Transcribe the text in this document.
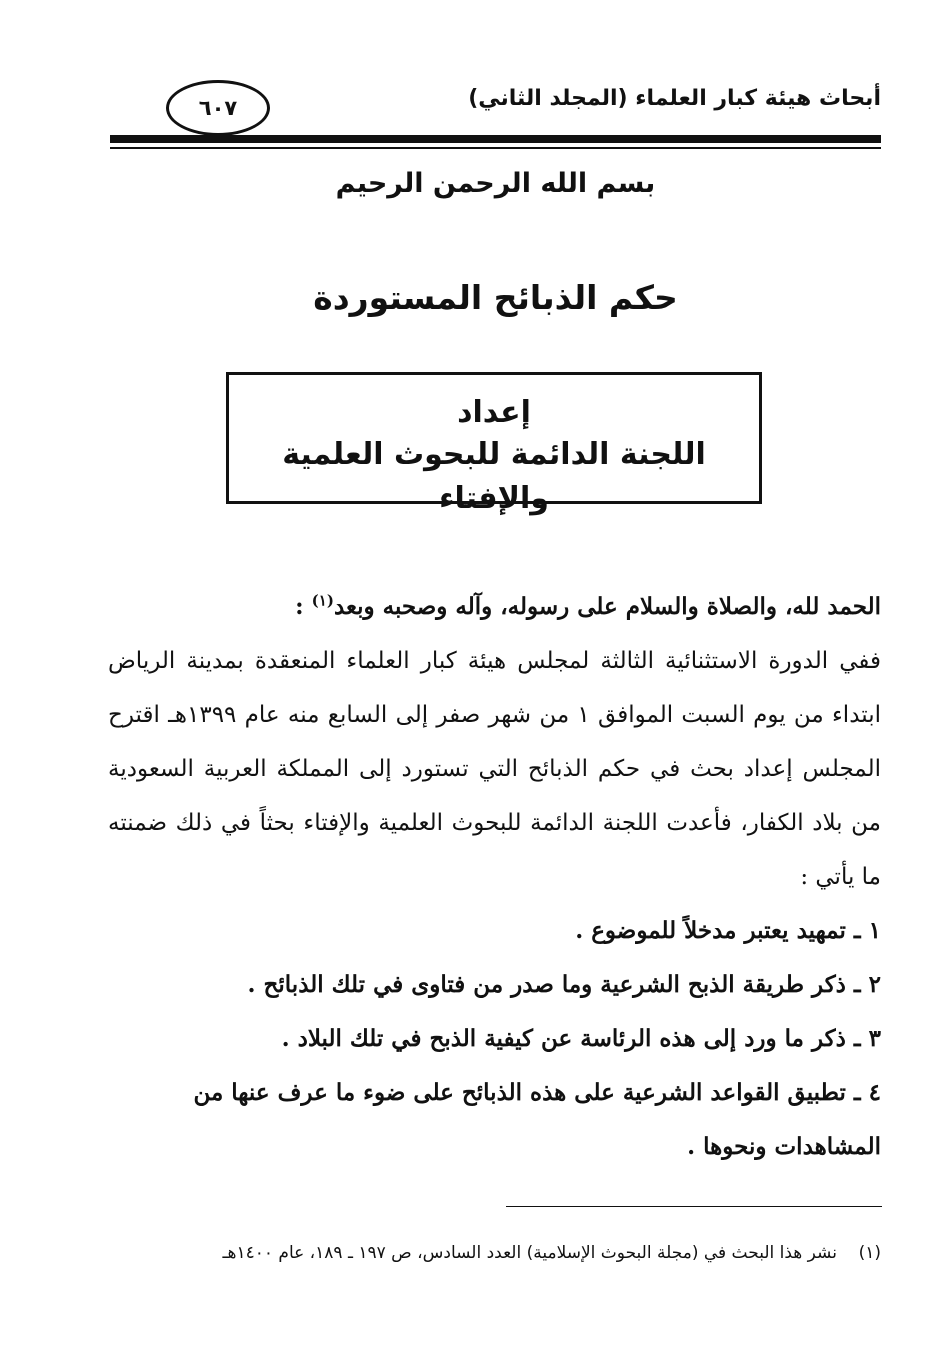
أبحاث هيئة كبار العلماء (المجلد الثاني)
٦٠٧
بسم الله الرحمن الرحيم
حكم الذبائح المستوردة
إعداد
اللجنة الدائمة للبحوث العلمية والإفتاء
الحمد لله، والصلاة والسلام على رسوله، وآله وصحبه وبعد$^{(١)}$ :
ففي الدورة الاستثنائية الثالثة لمجلس هيئة كبار العلماء المنعقدة بمدينة الرياض ابتداء من يوم السبت الموافق ١ من شهر صفر إلى السابع منه عام ١٣٩٩هـ اقترح المجلس إعداد بحث في حكم الذبائح التي تستورد إلى المملكة العربية السعودية من بلاد الكفار، فأعدت اللجنة الدائمة للبحوث العلمية والإفتاء بحثاً في ذلك ضمنته ما يأتي :
١ ـ تمهيد يعتبر مدخلاً للموضوع .
٢ ـ ذكر طريقة الذبح الشرعية وما صدر من فتاوى في تلك الذبائح .
٣ ـ ذكر ما ورد إلى هذه الرئاسة عن كيفية الذبح في تلك البلاد .
٤ ـ تطبيق القواعد الشرعية على هذه الذبائح على ضوء ما عرف عنها من المشاهدات ونحوها .
(١)    نشر هذا البحث في (مجلة البحوث الإسلامية) العدد السادس، ص ١٩٧ ـ ١٨٩، عام ١٤٠٠هـ
